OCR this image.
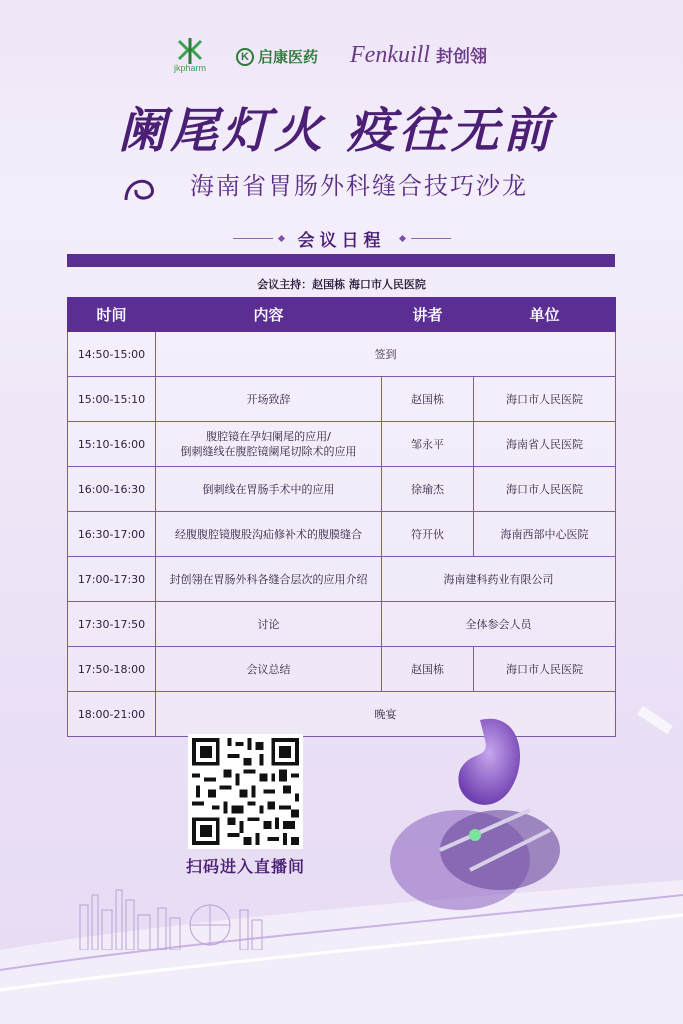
jkpharm
K 启康医药 Fenkuill 封创翎
阑尾灯火 疫往无前
海南省胃肠外科缝合技巧沙龙
会议日程
会议主持：赵国栋 海口市人民医院
时间	内容	讲者	单位
14:50-15:00	签到		
15:00-15:10	开场致辞	赵国栋	海口市人民医院
15:10-16:00	腹腔镜在孕妇阑尾的应用/
倒刺缝线在腹腔镜阑尾切除术的应用	邹永平	海南省人民医院
16:00-16:30	倒刺线在胃肠手术中的应用	徐瑜杰	海口市人民医院
16:30-17:00	经腹腹腔镜腹股沟疝修补术的腹膜缝合	符开伙	海南西部中心医院
17:00-17:30	封创翎在胃肠外科各缝合层次的应用介绍	海南建科药业有限公司	
17:30-17:50	讨论	全体参会人员	
17:50-18:00	会议总结	赵国栋	海口市人民医院
18:00-21:00	晚宴		
扫码进入直播间
